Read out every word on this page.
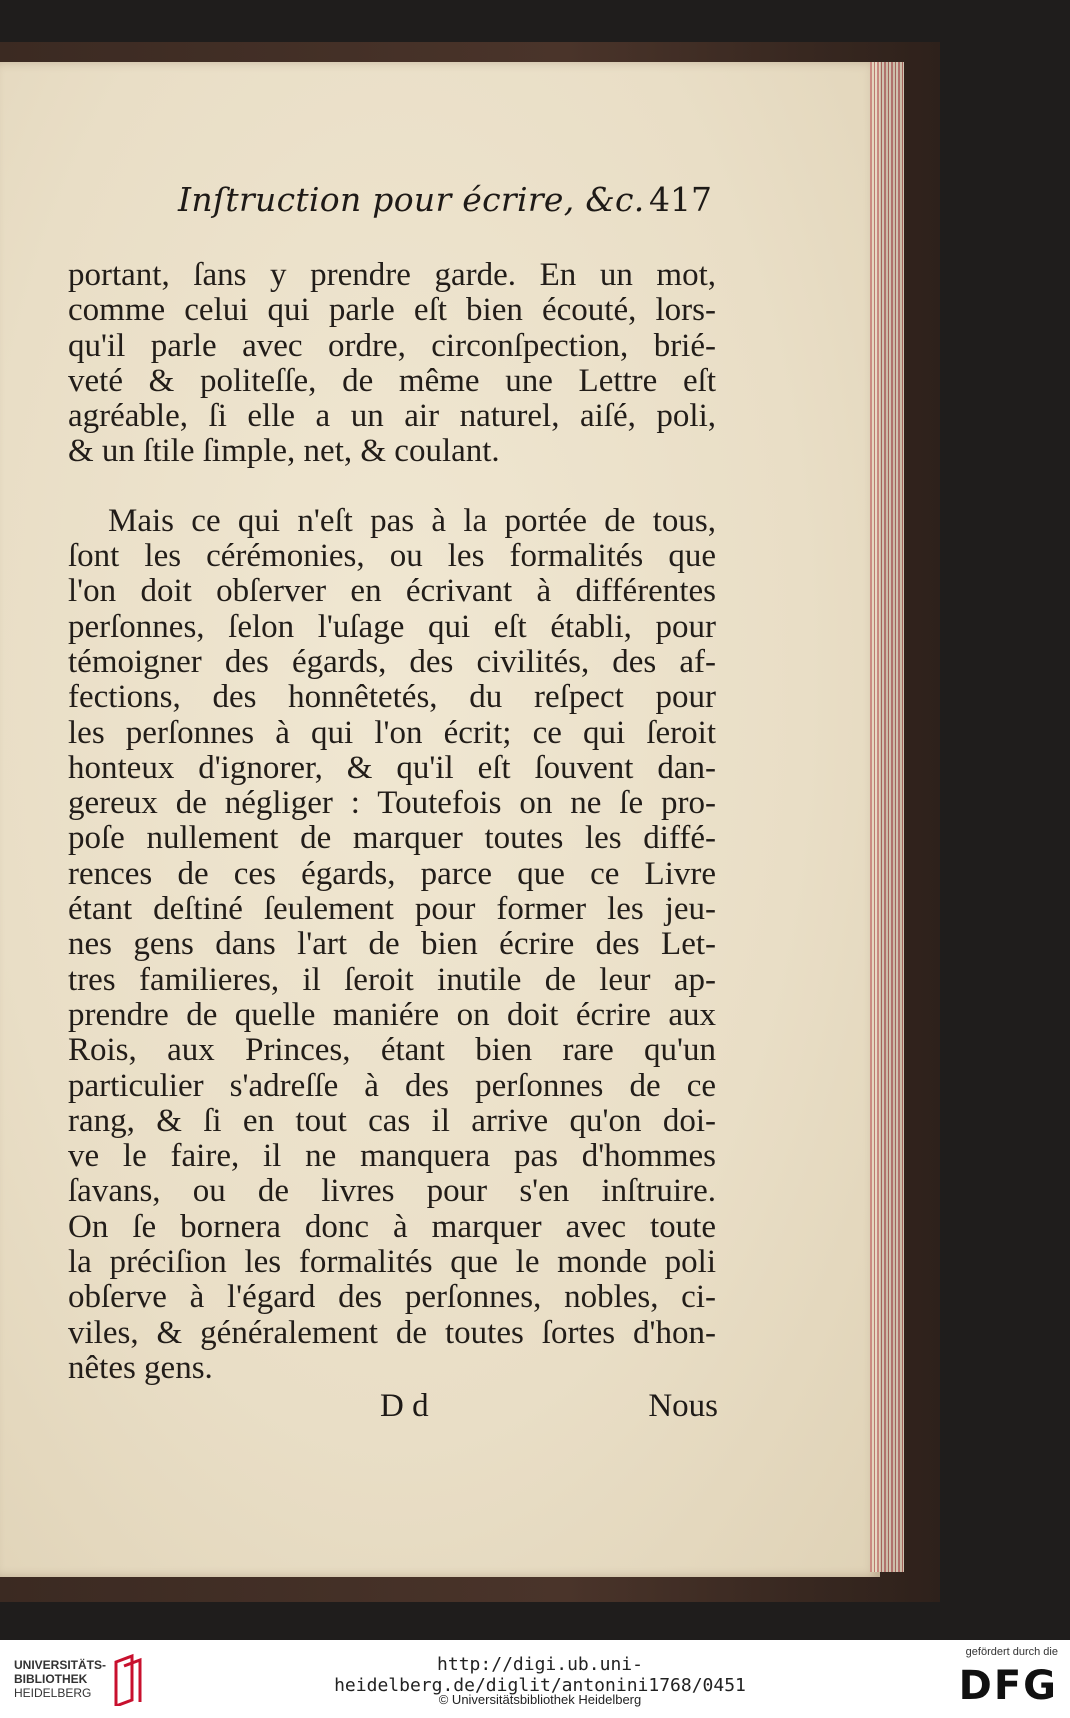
Inſtruction pour écrire, &c. 417
portant, ſans y prendre garde. En un mot,
comme celui qui parle eſt bien écouté, lors-
qu'il parle avec ordre, circonſpection, brié-
veté & politeſſe, de même une Lettre eſt
agréable, ſi elle a un air naturel, aiſé, poli,
& un ſtile ſimple, net, & coulant.
Mais ce qui n'eſt pas à la portée de tous,
ſont les cérémonies, ou les formalités que
l'on doit obſerver en écrivant à différentes
perſonnes, ſelon l'uſage qui eſt établi, pour
témoigner des égards, des civilités, des af-
fections, des honnêtetés, du reſpect pour
les perſonnes à qui l'on écrit; ce qui ſeroit
honteux d'ignorer, & qu'il eſt ſouvent dan-
gereux de négliger : Toutefois on ne ſe pro-
poſe nullement de marquer toutes les diffé-
rences de ces égards, parce que ce Livre
étant deſtiné ſeulement pour former les jeu-
nes gens dans l'art de bien écrire des Let-
tres familieres, il ſeroit inutile de leur ap-
prendre de quelle maniére on doit écrire aux
Rois, aux Princes, étant bien rare qu'un
particulier s'adreſſe à des perſonnes de ce
rang, & ſi en tout cas il arrive qu'on doi-
ve le faire, il ne manquera pas d'hommes
ſavans, ou de livres pour s'en inſtruire.
On ſe bornera donc à marquer avec toute
la préciſion les formalités que le monde poli
obſerve à l'égard des perſonnes, nobles, ci-
viles, & généralement de toutes ſortes d'hon-
nêtes gens.
D d	Nous
UNIVERSITÄTS-
BIBLIOTHEK
HEIDELBERG
http://digi.ub.uni-heidelberg.de/diglit/antonini1768/0451
© Universitätsbibliothek Heidelberg
gefördert durch die
DFG
